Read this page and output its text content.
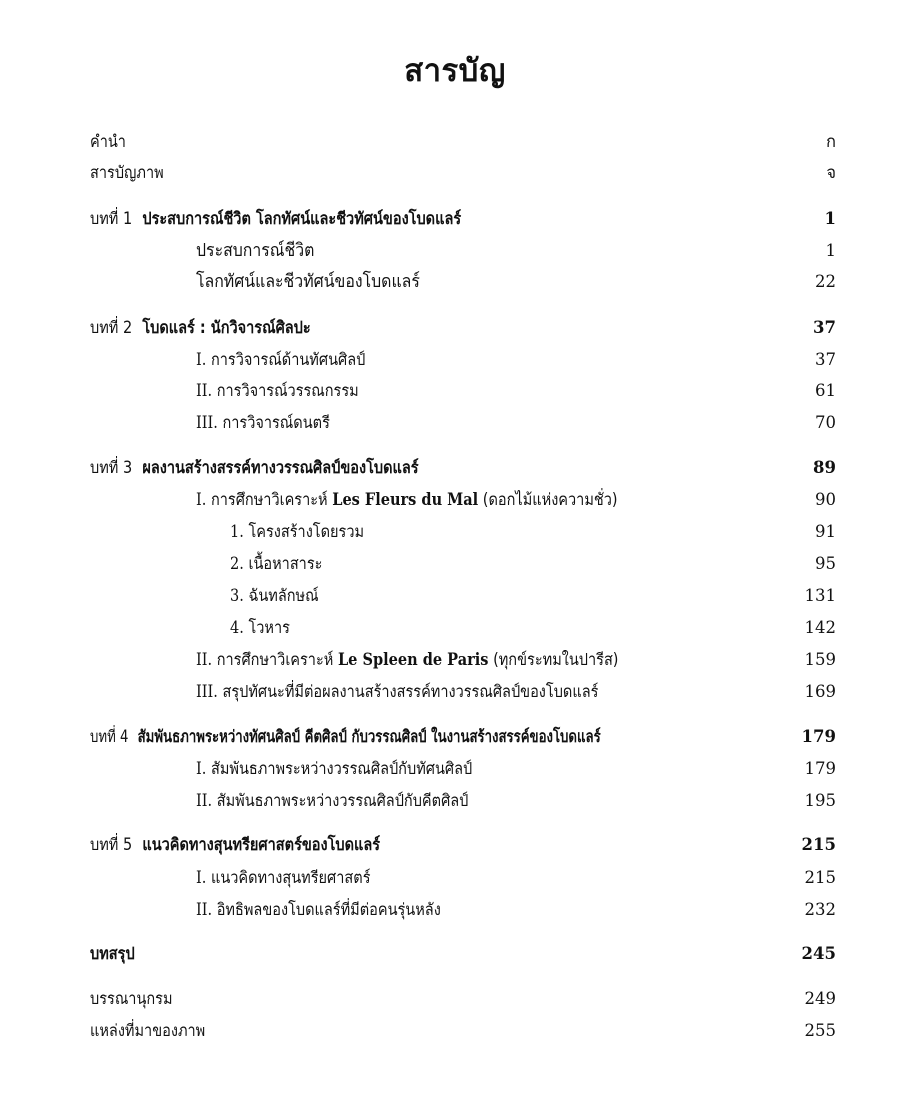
สารบัญ
คำนำ	ก
สารบัญภาพ	จ
บทที่ 1 ประสบการณ์ชีวิต โลกทัศน์และชีวทัศน์ของโบดแลร์	1
ประสบการณ์ชีวิต	1
โลกทัศน์และชีวทัศน์ของโบดแลร์	22
บทที่ 2 โบดแลร์ : นักวิจารณ์ศิลปะ	37
I. การวิจารณ์ด้านทัศนศิลป์	37
II. การวิจารณ์วรรณกรรม	61
III. การวิจารณ์ดนตรี	70
บทที่ 3 ผลงานสร้างสรรค์ทางวรรณศิลป์ของโบดแลร์	89
I. การศึกษาวิเคราะห์ Les Fleurs du Mal (ดอกไม้แห่งความชั่ว)	90
1. โครงสร้างโดยรวม	91
2. เนื้อหาสาระ	95
3. ฉันทลักษณ์	131
4. โวหาร	142
II. การศึกษาวิเคราะห์ Le Spleen de Paris (ทุกข์ระทมในปารีส)	159
III. สรุปทัศนะที่มีต่อผลงานสร้างสรรค์ทางวรรณศิลป์ของโบดแลร์	169
บทที่ 4 สัมพันธภาพระหว่างทัศนศิลป์ คีตศิลป์ กับวรรณศิลป์ ในงานสร้างสรรค์ของโบดแลร์	179
I. สัมพันธภาพระหว่างวรรณศิลป์กับทัศนศิลป์	179
II. สัมพันธภาพระหว่างวรรณศิลป์กับคีตศิลป์	195
บทที่ 5 แนวคิดทางสุนทรียศาสตร์ของโบดแลร์	215
I. แนวคิดทางสุนทรียศาสตร์	215
II. อิทธิพลของโบดแลร์ที่มีต่อคนรุ่นหลัง	232
บทสรุป	245
บรรณานุกรม	249
แหล่งที่มาของภาพ	255
